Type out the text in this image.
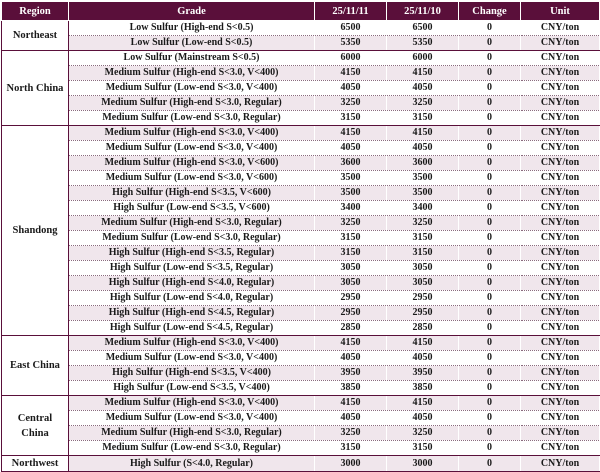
Region	Grade	25/11/11	25/11/10	Change	Unit
Northeast	Low Sulfur (High-end S<0.5)	6500	6500	0	CNY/ton
	Low Sulfur (Low-end S<0.5)	5350	5350	0	CNY/ton
North China	Low Sulfur (Mainstream S<0.5)	6000	6000	0	CNY/ton
	Medium Sulfur (High-end S<3.0, V<400)	4150	4150	0	CNY/ton
	Medium Sulfur (Low-end S<3.0, V<400)	4050	4050	0	CNY/ton
	Medium Sulfur (High-end S<3.0, Regular)	3250	3250	0	CNY/ton
	Medium Sulfur (Low-end S<3.0, Regular)	3150	3150	0	CNY/ton
Shandong	Medium Sulfur (High-end S<3.0, V<400)	4150	4150	0	CNY/ton
	Medium Sulfur (Low-end S<3.0, V<400)	4050	4050	0	CNY/ton
	Medium Sulfur (High-end S<3.0, V<600)	3600	3600	0	CNY/ton
	Medium Sulfur (Low-end S<3.0, V<600)	3500	3500	0	CNY/ton
	High Sulfur (High-end S<3.5, V<600)	3500	3500	0	CNY/ton
	High Sulfur (Low-end S<3.5, V<600)	3400	3400	0	CNY/ton
	Medium Sulfur (High-end S<3.0, Regular)	3250	3250	0	CNY/ton
	Medium Sulfur (Low-end S<3.0, Regular)	3150	3150	0	CNY/ton
	High Sulfur (High-end S<3.5, Regular)	3150	3150	0	CNY/ton
	High Sulfur (Low-end S<3.5, Regular)	3050	3050	0	CNY/ton
	High Sulfur (High-end S<4.0, Regular)	3050	3050	0	CNY/ton
	High Sulfur (Low-end S<4.0, Regular)	2950	2950	0	CNY/ton
	High Sulfur (High-end S<4.5, Regular)	2950	2950	0	CNY/ton
	High Sulfur (Low-end S<4.5, Regular)	2850	2850	0	CNY/ton
East China	Medium Sulfur (High-end S<3.0, V<400)	4150	4150	0	CNY/ton
	Medium Sulfur (Low-end S<3.0, V<400)	4050	4050	0	CNY/ton
	High Sulfur (High-end S<3.5, V<400)	3950	3950	0	CNY/ton
	High Sulfur (Low-end S<3.5, V<400)	3850	3850	0	CNY/ton
Central China	Medium Sulfur (High-end S<3.0, V<400)	4150	4150	0	CNY/ton
	Medium Sulfur (Low-end S<3.0, V<400)	4050	4050	0	CNY/ton
	Medium Sulfur (High-end S<3.0, Regular)	3250	3250	0	CNY/ton
	Medium Sulfur (Low-end S<3.0, Regular)	3150	3150	0	CNY/ton
Northwest	High Sulfur (S<4.0, Regular)	3000	3000	0	CNY/ton
